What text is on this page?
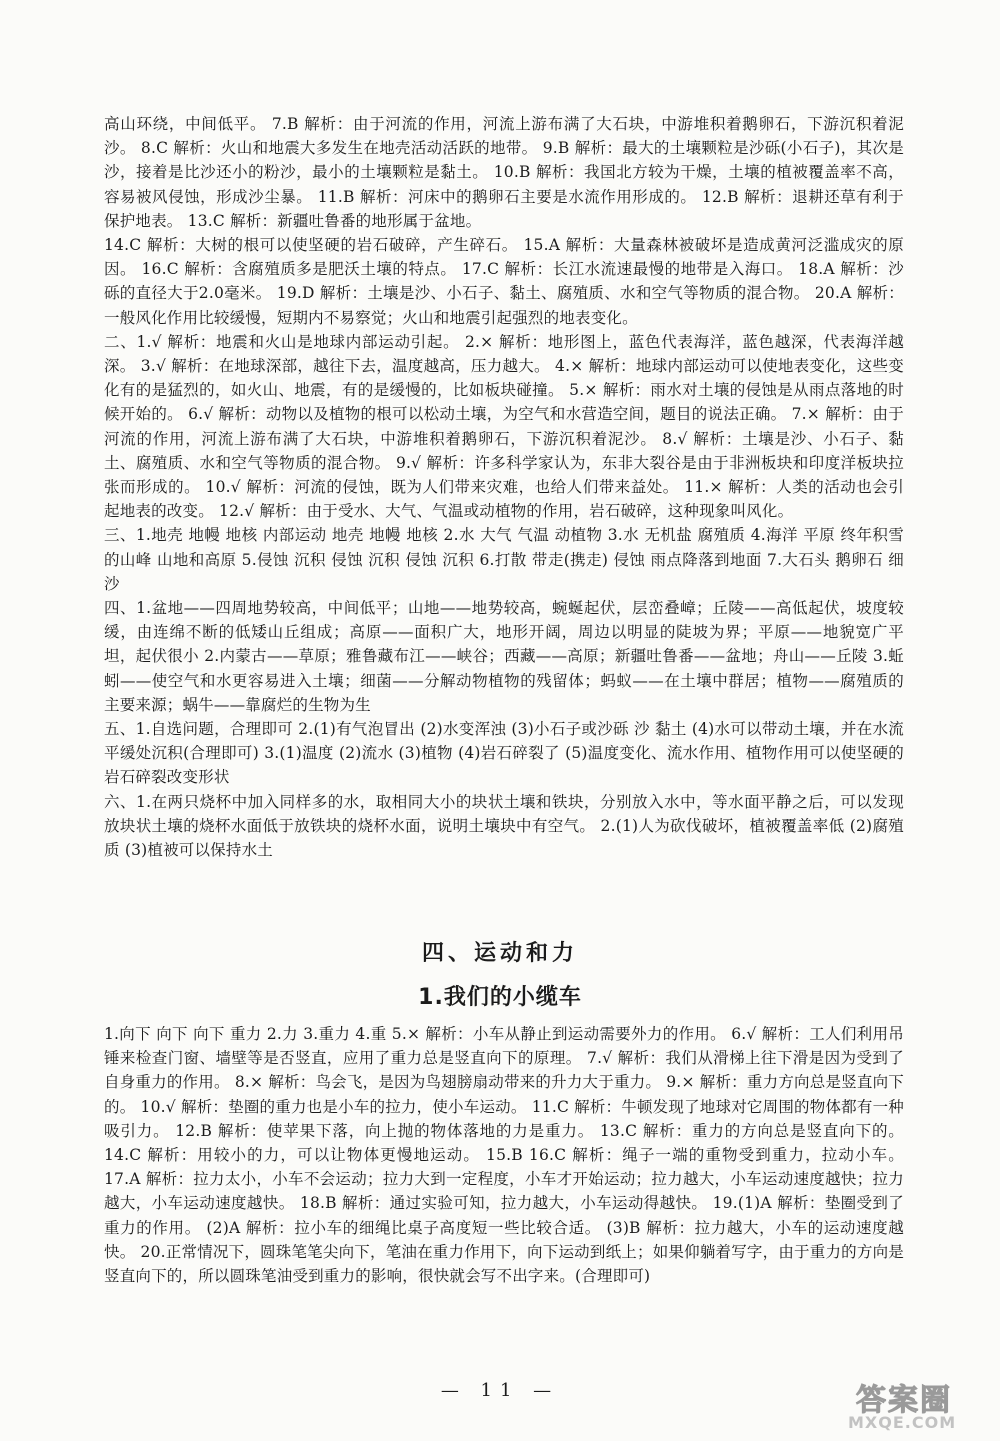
高山环绕，中间低平。 7.B 解析：由于河流的作用，河流上游布满了大石块，中游堆积着鹅卵石，下游沉积着泥沙。 8.C 解析：火山和地震大多发生在地壳活动活跃的地带。 9.B 解析：最大的土壤颗粒是沙砾(小石子)，其次是沙，接着是比沙还小的粉沙，最小的土壤颗粒是黏土。 10.B 解析：我国北方较为干燥，土壤的植被覆盖率不高，容易被风侵蚀，形成沙尘暴。 11.B 解析：河床中的鹅卵石主要是水流作用形成的。 12.B 解析：退耕还草有利于保护地表。 13.C 解析：新疆吐鲁番的地形属于盆地。

14.C 解析：大树的根可以使坚硬的岩石破碎，产生碎石。 15.A 解析：大量森林被破坏是造成黄河泛滥成灾的原因。 16.C 解析：含腐殖质多是肥沃土壤的特点。 17.C 解析：长江水流速最慢的地带是入海口。 18.A 解析：沙砾的直径大于2.0毫米。 19.D 解析：土壤是沙、小石子、黏土、腐殖质、水和空气等物质的混合物。 20.A 解析：一般风化作用比较缓慢，短期内不易察觉；火山和地震引起强烈的地表变化。

二、1.√ 解析：地震和火山是地球内部运动引起。 2.× 解析：地形图上，蓝色代表海洋，蓝色越深，代表海洋越深。 3.√ 解析：在地球深部，越往下去，温度越高，压力越大。 4.× 解析：地球内部运动可以使地表变化，这些变化有的是猛烈的，如火山、地震，有的是缓慢的，比如板块碰撞。 5.× 解析：雨水对土壤的侵蚀是从雨点落地的时候开始的。 6.√ 解析：动物以及植物的根可以松动土壤，为空气和水营造空间，题目的说法正确。 7.× 解析：由于河流的作用，河流上游布满了大石块，中游堆积着鹅卵石，下游沉积着泥沙。 8.√ 解析：土壤是沙、小石子、黏土、腐殖质、水和空气等物质的混合物。 9.√ 解析：许多科学家认为，东非大裂谷是由于非洲板块和印度洋板块拉张而形成的。 10.√ 解析：河流的侵蚀，既为人们带来灾难，也给人们带来益处。 11.× 解析：人类的活动也会引起地表的改变。 12.√ 解析：由于受水、大气、气温或动植物的作用，岩石破碎，这种现象叫风化。

三、1.地壳 地幔 地核 内部运动 地壳 地幔 地核 2.水 大气 气温 动植物 3.水 无机盐 腐殖质 4.海洋 平原 终年积雪的山峰 山地和高原 5.侵蚀 沉积 侵蚀 沉积 侵蚀 沉积 6.打散 带走(携走) 侵蚀 雨点降落到地面 7.大石头 鹅卵石 细沙

四、1.盆地——四周地势较高，中间低平；山地——地势较高，蜿蜒起伏，层峦叠嶂；丘陵——高低起伏，坡度较缓，由连绵不断的低矮山丘组成；高原——面积广大，地形开阔，周边以明显的陡坡为界；平原——地貌宽广平坦，起伏很小 2.内蒙古——草原；雅鲁藏布江——峡谷；西藏——高原；新疆吐鲁番——盆地；舟山——丘陵 3.蚯蚓——使空气和水更容易进入土壤；细菌——分解动物植物的残留体；蚂蚁——在土壤中群居；植物——腐殖质的主要来源；蜗牛——靠腐烂的生物为生

五、1.自选问题，合理即可 2.(1)有气泡冒出 (2)水变浑浊 (3)小石子或沙砾 沙 黏土 (4)水可以带动土壤，并在水流平缓处沉积(合理即可) 3.(1)温度 (2)流水 (3)植物 (4)岩石碎裂了 (5)温度变化、流水作用、植物作用可以使坚硬的岩石碎裂改变形状

六、1.在两只烧杯中加入同样多的水，取相同大小的块状土壤和铁块，分别放入水中，等水面平静之后，可以发现放块状土壤的烧杯水面低于放铁块的烧杯水面，说明土壤块中有空气。 2.(1)人为砍伐破坏，植被覆盖率低 (2)腐殖质 (3)植被可以保持水土

四、运动和力
1.我们的小缆车

1.向下 向下 向下 重力 2.力 3.重力 4.重 5.× 解析：小车从静止到运动需要外力的作用。 6.√ 解析：工人们利用吊锤来检查门窗、墙壁等是否竖直，应用了重力总是竖直向下的原理。 7.√ 解析：我们从滑梯上往下滑是因为受到了自身重力的作用。 8.× 解析：鸟会飞，是因为鸟翅膀扇动带来的升力大于重力。 9.× 解析：重力方向总是竖直向下的。 10.√ 解析：垫圈的重力也是小车的拉力，使小车运动。 11.C 解析：牛顿发现了地球对它周围的物体都有一种吸引力。 12.B 解析：使苹果下落，向上抛的物体落地的力是重力。 13.C 解析：重力的方向总是竖直向下的。 14.C 解析：用较小的力，可以让物体更慢地运动。 15.B 16.C 解析：绳子一端的重物受到重力，拉动小车。 17.A 解析：拉力太小，小车不会运动；拉力大到一定程度，小车才开始运动；拉力越大，小车运动速度越快；拉力越大，小车运动速度越快。 18.B 解析：通过实验可知，拉力越大，小车运动得越快。 19.(1)A 解析：垫圈受到了重力的作用。 (2)A 解析：拉小车的细绳比桌子高度短一些比较合适。 (3)B 解析：拉力越大，小车的运动速度越快。 20.正常情况下，圆珠笔笔尖向下，笔油在重力作用下，向下运动到纸上；如果仰躺着写字，由于重力的方向是竖直向下的，所以圆珠笔油受到重力的影响，很快就会写不出字来。(合理即可)

— 11 —	答案圈
MXQE.COM
